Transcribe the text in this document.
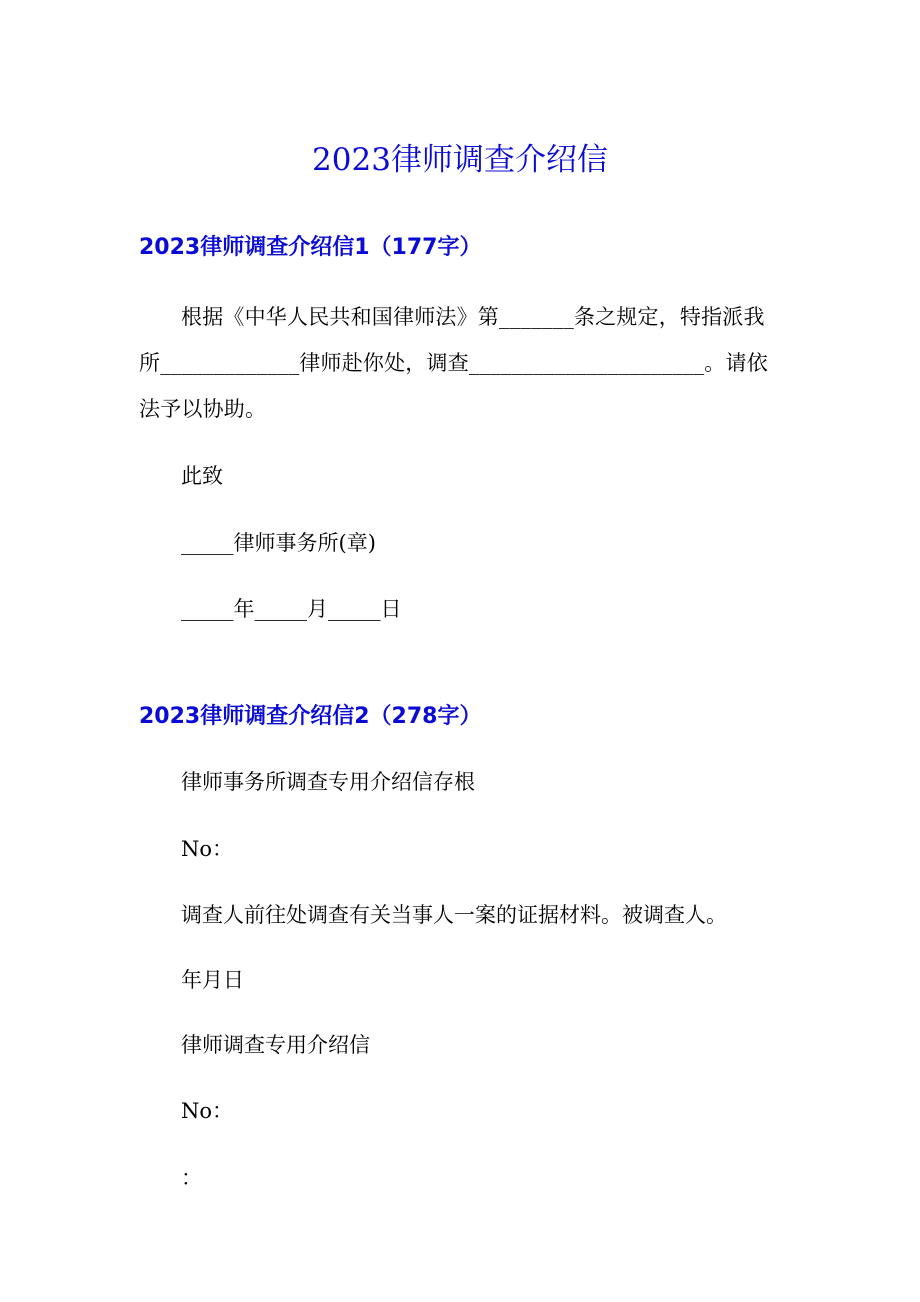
2023律师调查介绍信
2023律师调查介绍信1（177字）

根据《中华人民共和国律师法》第_______条之规定，特指派我所_____________律师赴你处，调查______________________。请依法予以协助。

此致

_____律师事务所(章)

_____年_____月_____日

2023律师调查介绍信2（278字）

律师事务所调查专用介绍信存根

No：

调查人前往处调查有关当事人一案的证据材料。被调查人。

年月日

律师调查专用介绍信

No：

：
